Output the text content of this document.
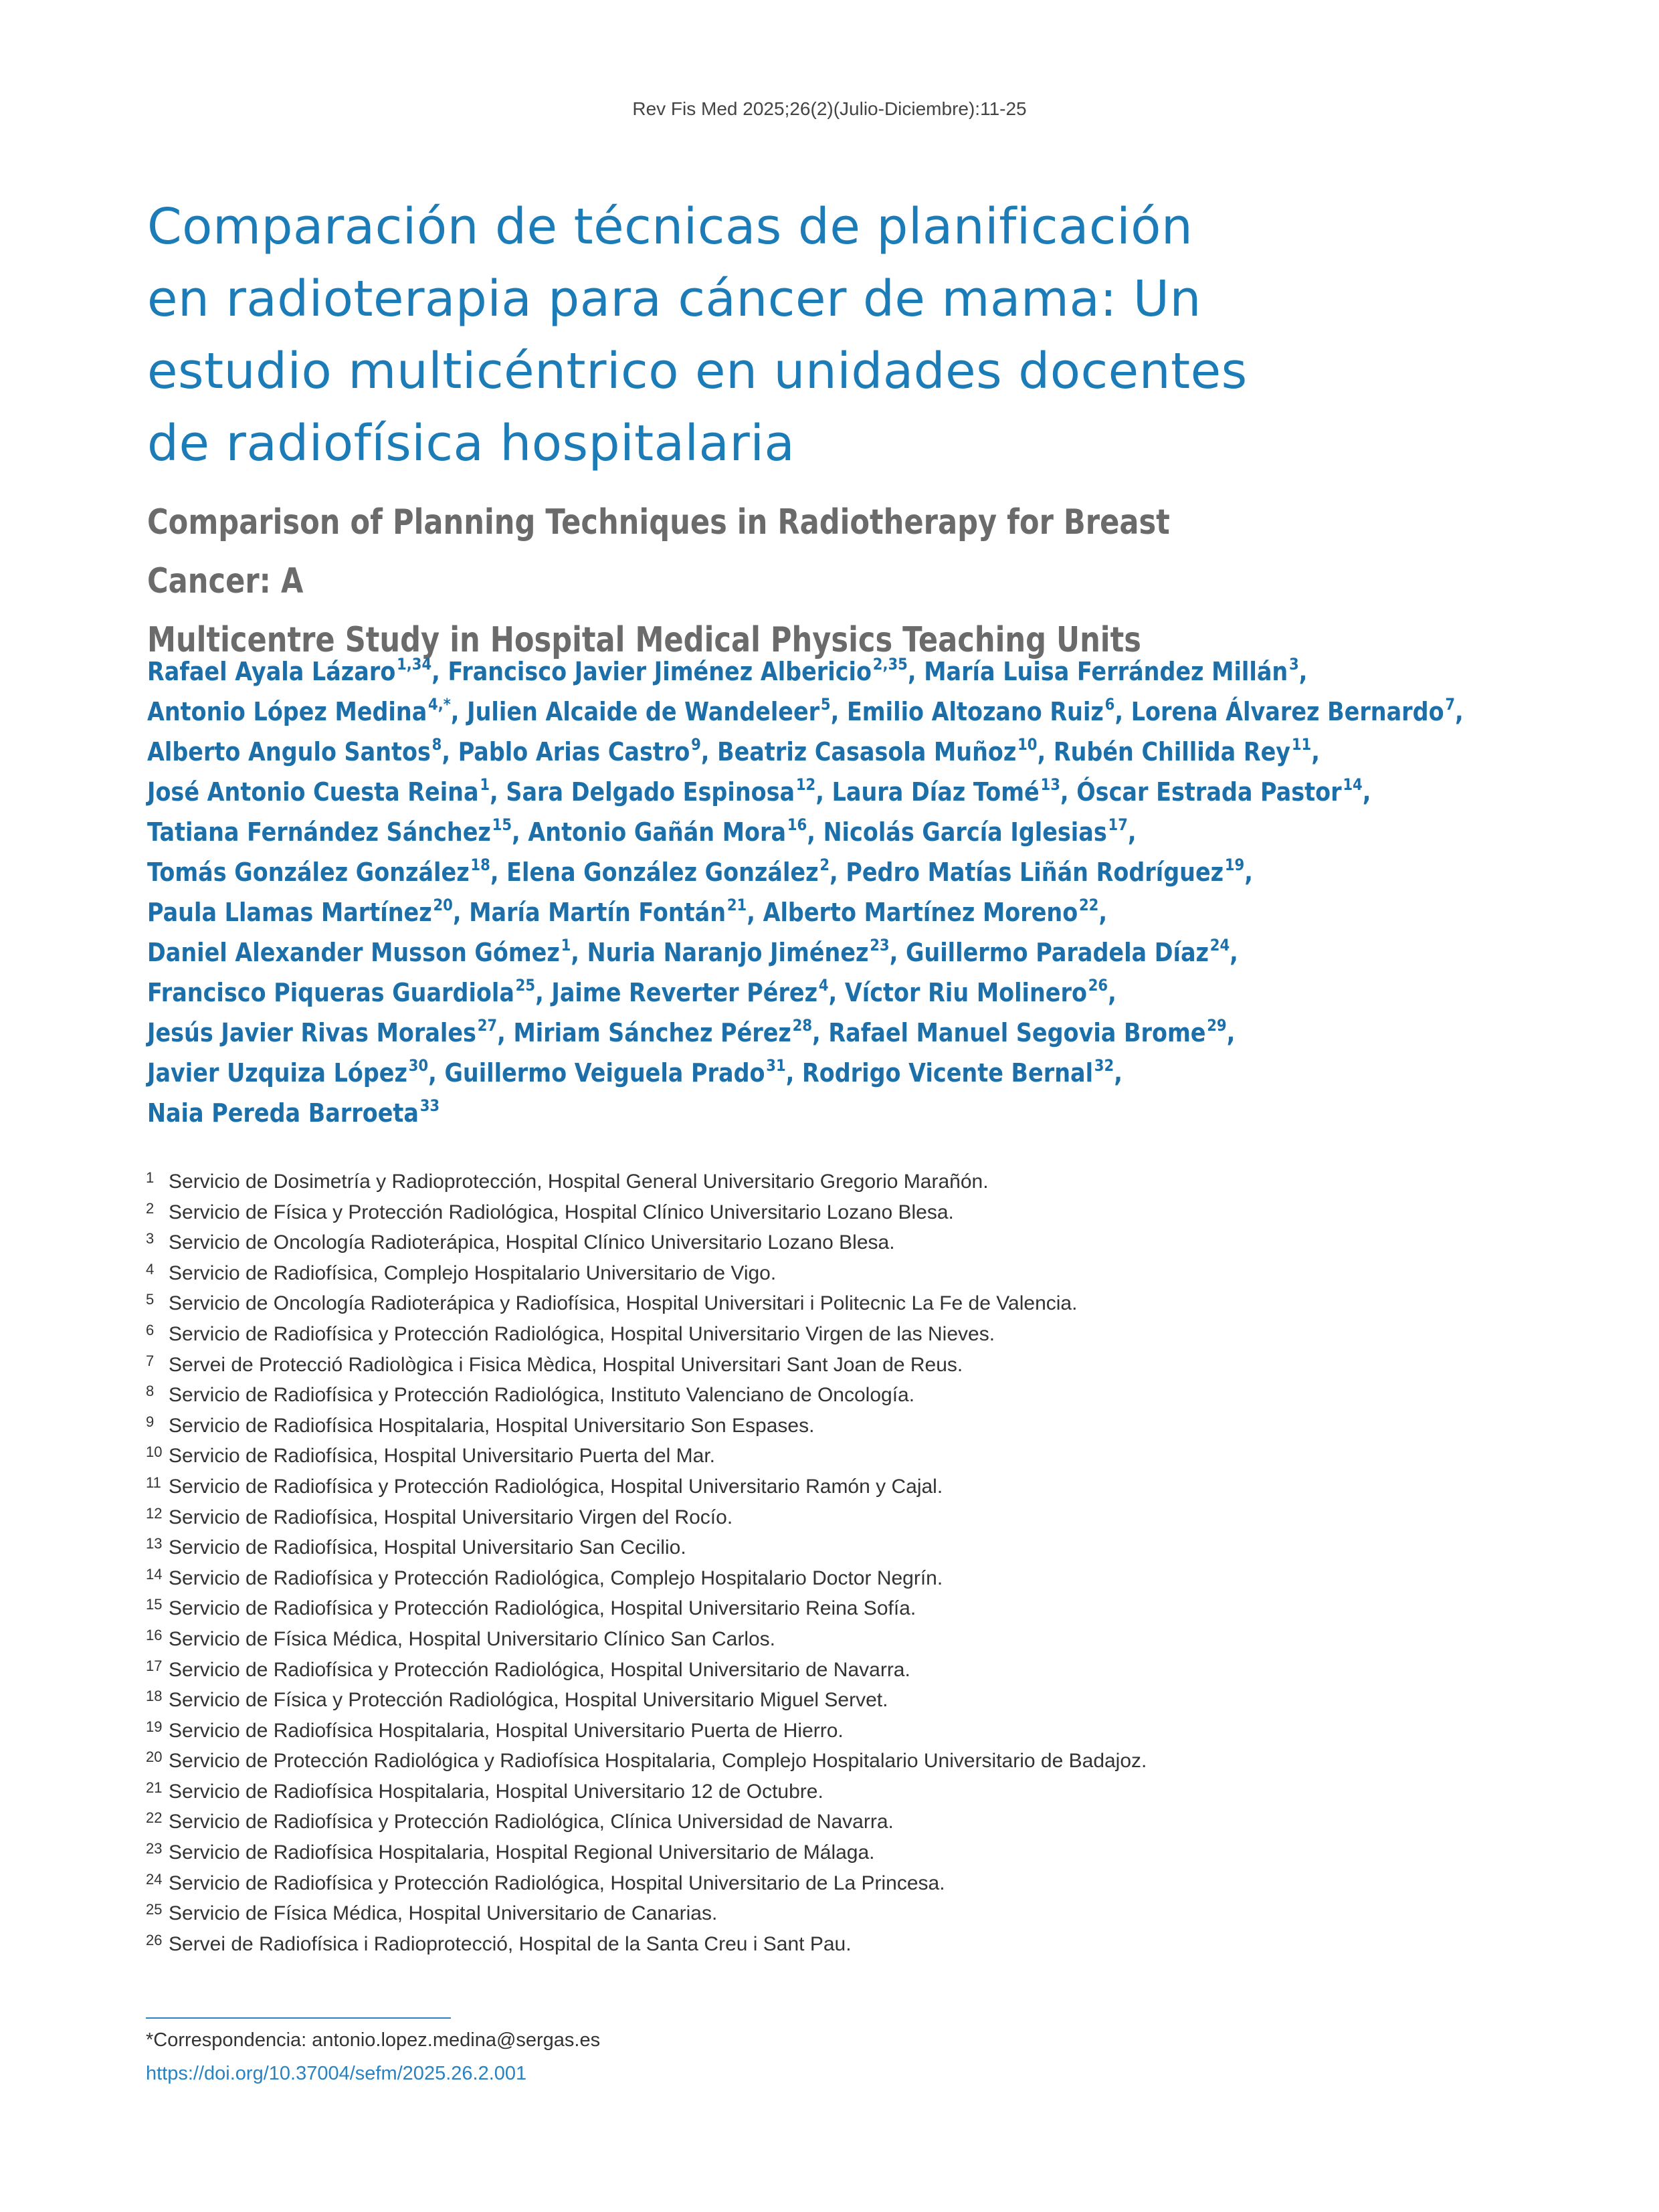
Rev Fis Med 2025;26(2)(Julio-Diciembre):11-25
Comparación de técnicas de planificación
en radioterapia para cáncer de mama: Un
estudio multicéntrico en unidades docentes
de radiofísica hospitalaria
Comparison of Planning Techniques in Radiotherapy for Breast Cancer: A
Multicentre Study in Hospital Medical Physics Teaching Units
Rafael Ayala Lázaro$^{1,34}$, Francisco Javier Jiménez Albericio$^{2,35}$, María Luisa Ferrández Millán$^3$,
Antonio López Medina$^{4,*}$, Julien Alcaide de Wandeleer$^5$, Emilio Altozano Ruiz$^6$, Lorena Álvarez Bernardo$^7$,
Alberto Angulo Santos$^8$, Pablo Arias Castro$^9$, Beatriz Casasola Muñoz$^{10}$, Rubén Chillida Rey$^{11}$,
José Antonio Cuesta Reina$^1$, Sara Delgado Espinosa$^{12}$, Laura Díaz Tomé$^{13}$, Óscar Estrada Pastor$^{14}$,
Tatiana Fernández Sánchez$^{15}$, Antonio Gañán Mora$^{16}$, Nicolás García Iglesias$^{17}$,
Tomás González González$^{18}$, Elena González González$^2$, Pedro Matías Liñán Rodríguez$^{19}$,
Paula Llamas Martínez$^{20}$, María Martín Fontán$^{21}$, Alberto Martínez Moreno$^{22}$,
Daniel Alexander Musson Gómez$^1$, Nuria Naranjo Jiménez$^{23}$, Guillermo Paradela Díaz$^{24}$,
Francisco Piqueras Guardiola$^{25}$, Jaime Reverter Pérez$^4$, Víctor Riu Molinero$^{26}$,
Jesús Javier Rivas Morales$^{27}$, Miriam Sánchez Pérez$^{28}$, Rafael Manuel Segovia Brome$^{29}$,
Javier Uzquiza López$^{30}$, Guillermo Veiguela Prado$^{31}$, Rodrigo Vicente Bernal$^{32}$,
Naia Pereda Barroeta$^{33}$
1 Servicio de Dosimetría y Radioprotección, Hospital General Universitario Gregorio Marañón.
2 Servicio de Física y Protección Radiológica, Hospital Clínico Universitario Lozano Blesa.
3 Servicio de Oncología Radioterápica, Hospital Clínico Universitario Lozano Blesa.
4 Servicio de Radiofísica, Complejo Hospitalario Universitario de Vigo.
5 Servicio de Oncología Radioterápica y Radiofísica, Hospital Universitari i Politecnic La Fe de Valencia.
6 Servicio de Radiofísica y Protección Radiológica, Hospital Universitario Virgen de las Nieves.
7 Servei de Protecció Radiològica i Fisica Mèdica, Hospital Universitari Sant Joan de Reus.
8 Servicio de Radiofísica y Protección Radiológica, Instituto Valenciano de Oncología.
9 Servicio de Radiofísica Hospitalaria, Hospital Universitario Son Espases.
10 Servicio de Radiofísica, Hospital Universitario Puerta del Mar.
11 Servicio de Radiofísica y Protección Radiológica, Hospital Universitario Ramón y Cajal.
12 Servicio de Radiofísica, Hospital Universitario Virgen del Rocío.
13 Servicio de Radiofísica, Hospital Universitario San Cecilio.
14 Servicio de Radiofísica y Protección Radiológica, Complejo Hospitalario Doctor Negrín.
15 Servicio de Radiofísica y Protección Radiológica, Hospital Universitario Reina Sofía.
16 Servicio de Física Médica, Hospital Universitario Clínico San Carlos.
17 Servicio de Radiofísica y Protección Radiológica, Hospital Universitario de Navarra.
18 Servicio de Física y Protección Radiológica, Hospital Universitario Miguel Servet.
19 Servicio de Radiofísica Hospitalaria, Hospital Universitario Puerta de Hierro.
20 Servicio de Protección Radiológica y Radiofísica Hospitalaria, Complejo Hospitalario Universitario de Badajoz.
21 Servicio de Radiofísica Hospitalaria, Hospital Universitario 12 de Octubre.
22 Servicio de Radiofísica y Protección Radiológica, Clínica Universidad de Navarra.
23 Servicio de Radiofísica Hospitalaria, Hospital Regional Universitario de Málaga.
24 Servicio de Radiofísica y Protección Radiológica, Hospital Universitario de La Princesa.
25 Servicio de Física Médica, Hospital Universitario de Canarias.
26 Servei de Radiofísica i Radioprotecció, Hospital de la Santa Creu i Sant Pau.
*Correspondencia: antonio.lopez.medina@sergas.es
https://doi.org/10.37004/sefm/2025.26.2.001
